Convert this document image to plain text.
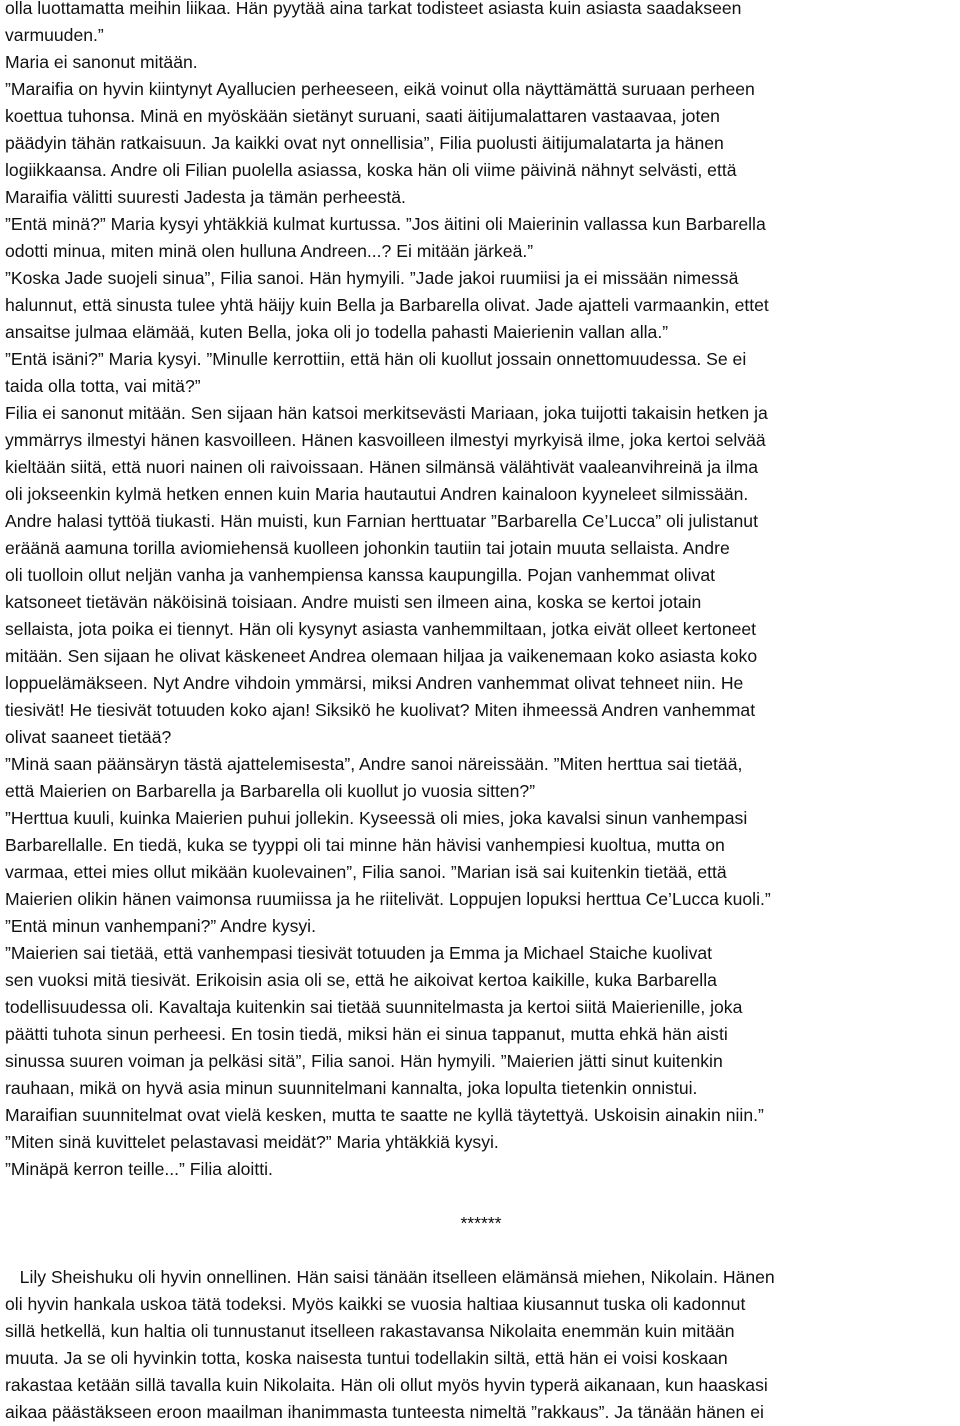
olla luottamatta meihin liikaa. Hän pyytää aina tarkat todisteet asiasta kuin asiasta saadakseen
varmuuden.”
Maria ei sanonut mitään.
”Maraifia on hyvin kiintynyt Ayallucien perheeseen, eikä voinut olla näyttämättä suruaan perheen
koettua tuhonsa. Minä en myöskään sietänyt suruani, saati äitijumalattaren vastaavaa, joten
päädyin tähän ratkaisuun. Ja kaikki ovat nyt onnellisia”, Filia puolusti äitijumalatarta ja hänen
logiikkaansa. Andre oli Filian puolella asiassa, koska hän oli viime päivinä nähnyt selvästi, että
Maraifia välitti suuresti Jadesta ja tämän perheestä.
”Entä minä?” Maria kysyi yhtäkkiä kulmat kurtussa. ”Jos äitini oli Maierinin vallassa kun Barbarella
odotti minua, miten minä olen hulluna Andreen...? Ei mitään järkeä.”
”Koska Jade suojeli sinua”, Filia sanoi. Hän hymyili. ”Jade jakoi ruumiisi ja ei missään nimessä
halunnut, että sinusta tulee yhtä häijy kuin Bella ja Barbarella olivat. Jade ajatteli varmaankin, ettet
ansaitse julmaa elämää, kuten Bella, joka oli jo todella pahasti Maierienin vallan alla.”
”Entä isäni?” Maria kysyi. ”Minulle kerrottiin, että hän oli kuollut jossain onnettomuudessa. Se ei
taida olla totta, vai mitä?”
Filia ei sanonut mitään. Sen sijaan hän katsoi merkitsevästi Mariaan, joka tuijotti takaisin hetken ja
ymmärrys ilmestyi hänen kasvoilleen. Hänen kasvoilleen ilmestyi myrkyisä ilme, joka kertoi selvää
kieltään siitä, että nuori nainen oli raivoissaan. Hänen silmänsä välähtivät vaaleanvihreinä ja ilma
oli jokseenkin kylmä hetken ennen kuin Maria hautautui Andren kainaloon kyyneleet silmissään.
Andre halasi tyttöä tiukasti. Hän muisti, kun Farnian herttuatar ”Barbarella Ce’Lucca” oli julistanut
eräänä aamuna torilla aviomiehensä kuolleen johonkin tautiin tai jotain muuta sellaista. Andre
oli tuolloin ollut neljän vanha ja vanhempiensa kanssa kaupungilla. Pojan vanhemmat olivat
katsoneet tietävän näköisinä toisiaan. Andre muisti sen ilmeen aina, koska se kertoi jotain
sellaista, jota poika ei tiennyt. Hän oli kysynyt asiasta vanhemmiltaan, jotka eivät olleet kertoneet
mitään. Sen sijaan he olivat käskeneet Andrea olemaan hiljaa ja vaikenemaan koko asiasta koko
loppuelämäkseen. Nyt Andre vihdoin ymmärsi, miksi Andren vanhemmat olivat tehneet niin. He
tiesivät! He tiesivät totuuden koko ajan! Siksikö he kuolivat? Miten ihmeessä Andren vanhemmat
olivat saaneet tietää?
”Minä saan päänsäryn tästä ajattelemisesta”, Andre sanoi näreissään. ”Miten herttua sai tietää,
että Maierien on Barbarella ja Barbarella oli kuollut jo vuosia sitten?”
”Herttua kuuli, kuinka Maierien puhui jollekin. Kyseessä oli mies, joka kavalsi sinun vanhempasi
Barbarellalle. En tiedä, kuka se tyyppi oli tai minne hän hävisi vanhempiesi kuoltua, mutta on
varmaa, ettei mies ollut mikään kuolevainen”, Filia sanoi. ”Marian isä sai kuitenkin tietää, että
Maierien olikin hänen vaimonsa ruumiissa ja he riitelivät. Loppujen lopuksi herttua Ce’Lucca kuoli.”
”Entä minun vanhempani?” Andre kysyi.
”Maierien sai tietää, että vanhempasi tiesivät totuuden ja Emma ja Michael Staiche kuolivat
sen vuoksi mitä tiesivät. Erikoisin asia oli se, että he aikoivat kertoa kaikille, kuka Barbarella
todellisuudessa oli. Kavaltaja kuitenkin sai tietää suunnitelmasta ja kertoi siitä Maierienille, joka
päätti tuhota sinun perheesi. En tosin tiedä, miksi hän ei sinua tappanut, mutta ehkä hän aisti
sinussa suuren voiman ja pelkäsi sitä”, Filia sanoi. Hän hymyili. ”Maierien jätti sinut kuitenkin
rauhaan, mikä on hyvä asia minun suunnitelmani kannalta, joka lopulta tietenkin onnistui.
Maraifian suunnitelmat ovat vielä kesken, mutta te saatte ne kyllä täytettyä. Uskoisin ainakin niin.”
”Miten sinä kuvittelet pelastavasi meidät?” Maria yhtäkkiä kysyi.
”Minäpä kerron teille...” Filia aloitti.
******
Lily Sheishuku oli hyvin onnellinen. Hän saisi tänään itselleen elämänsä miehen, Nikolain. Hänen
oli hyvin hankala uskoa tätä todeksi. Myös kaikki se vuosia haltiaa kiusannut tuska oli kadonnut
sillä hetkellä, kun haltia oli tunnustanut itselleen rakastavansa Nikolaita enemmän kuin mitään
muuta. Ja se oli hyvinkin totta, koska naisesta tuntui todellakin siltä, että hän ei voisi koskaan
rakastaa ketään sillä tavalla kuin Nikolaita. Hän oli ollut myös hyvin typerä aikanaan, kun haaskasi
aikaa päästäkseen eroon maailman ihanimmasta tunteesta nimeltä ”rakkaus”. Ja tänään hänen ei
